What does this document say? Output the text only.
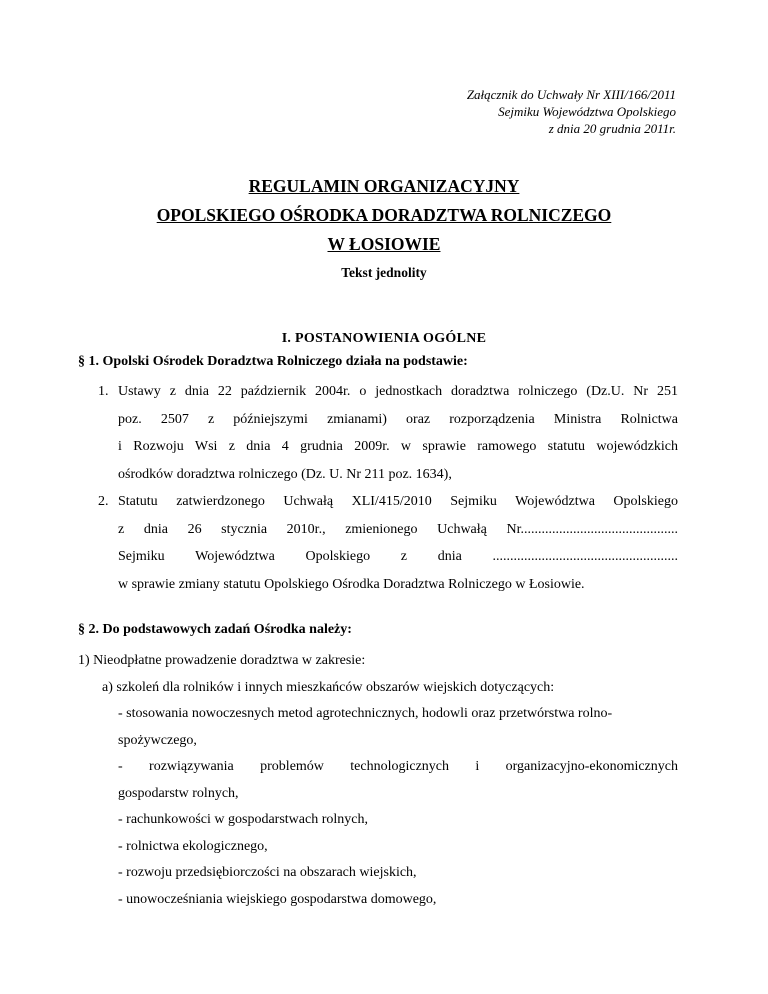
Załącznik do Uchwały Nr XIII/166/2011
Sejmiku Województwa Opolskiego
z dnia 20 grudnia 2011r.
REGULAMIN ORGANIZACYJNY
OPOLSKIEGO OŚRODKA DORADZTWA ROLNICZEGO
W ŁOSIOWIE
Tekst jednolity
I. POSTANOWIENIA OGÓLNE
§ 1. Opolski Ośrodek Doradztwa Rolniczego działa na podstawie:
1. Ustawy z dnia 22 październik 2004r. o jednostkach doradztwa rolniczego (Dz.U. Nr 251
poz. 2507 z późniejszymi zmianami) oraz rozporządzenia Ministra Rolnictwa
i Rozwoju Wsi z dnia 4 grudnia 2009r. w sprawie ramowego statutu wojewódzkich
ośrodków doradztwa rolniczego (Dz. U. Nr 211 poz. 1634),
2. Statutu zatwierdzonego Uchwałą XLI/415/2010 Sejmiku Województwa Opolskiego
z dnia 26 stycznia 2010r., zmienionego Uchwałą Nr.............................................
Sejmiku Województwa Opolskiego z dnia .....................................................
w sprawie zmiany statutu Opolskiego Ośrodka Doradztwa Rolniczego w Łosiowie.
§ 2. Do podstawowych zadań Ośrodka należy:
1) Nieodpłatne prowadzenie doradztwa w zakresie:
a) szkoleń dla rolników i innych mieszkańców obszarów wiejskich dotyczących:
- stosowania nowoczesnych metod agrotechnicznych, hodowli oraz przetwórstwa rolno-
spożywczego,
- rozwiązywania problemów technologicznych i organizacyjno-ekonomicznych
gospodarstw rolnych,
- rachunkowości w gospodarstwach rolnych,
- rolnictwa ekologicznego,
- rozwoju przedsiębiorczości na obszarach wiejskich,
- unowocześniania wiejskiego gospodarstwa domowego,
